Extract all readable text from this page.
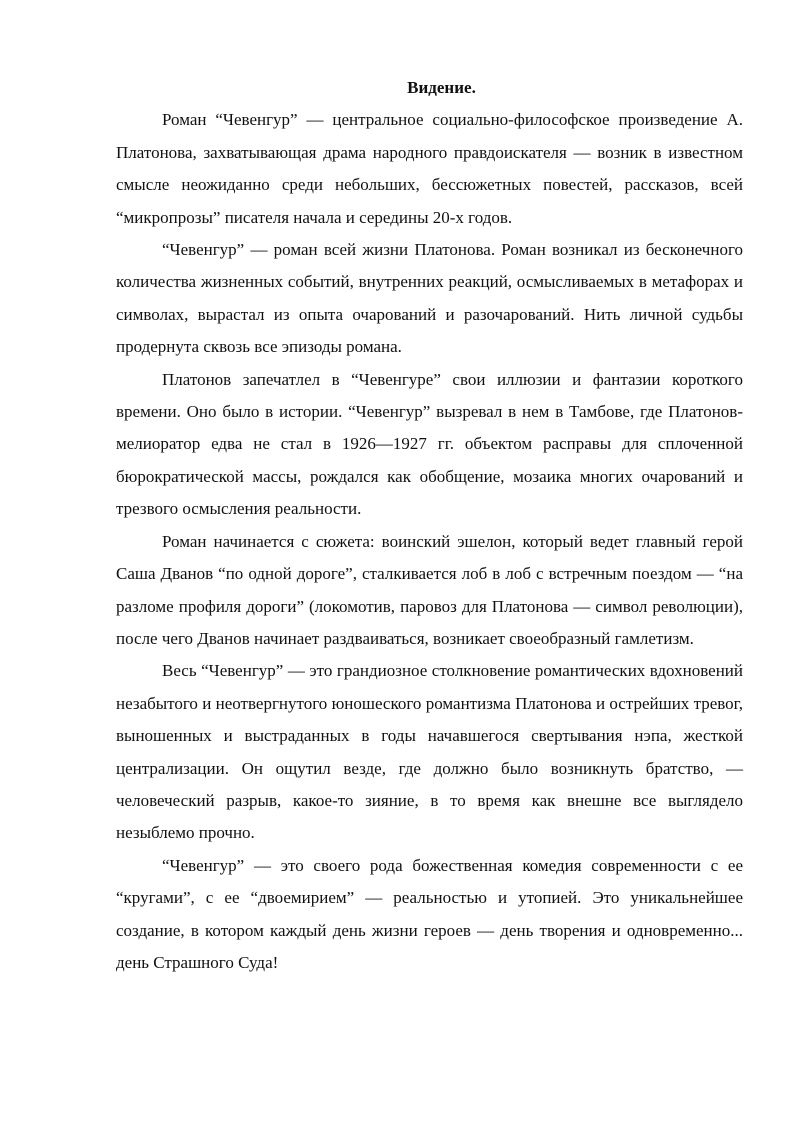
Видение.

Роман “Чевенгур” — центральное социально-философское произведение А. Платонова, захватывающая драма народного правдоискателя — возник в известном смысле неожиданно среди небольших, бессюжетных повестей, рассказов, всей “микропрозы” писателя начала и середины 20-х годов.

“Чевенгур” — роман всей жизни Платонова. Роман возникал из бесконечного количества жизненных событий, внутренних реакций, осмысливаемых в метафорах и символах, вырастал из опыта очарований и разочарований. Нить личной судьбы продернута сквозь все эпизоды романа.

Платонов запечатлел в “Чевенгуре” свои иллюзии и фантазии короткого времени. Оно было в истории. “Чевенгур” вызревал в нем в Тамбове, где Платонов-мелиоратор едва не стал в 1926—1927 гг. объектом расправы для сплоченной бюрократической массы, рождался как обобщение, мозаика многих очарований и трезвого осмысления реальности.

Роман начинается с сюжета: воинский эшелон, который ведет главный герой Саша Дванов “по одной дороге”, сталкивается лоб в лоб с встречным поездом — “на разломе профиля дороги” (локомотив, паровоз для Платонова — символ революции), после чего Дванов начинает раздваиваться, возникает своеобразный гамлетизм.

Весь “Чевенгур” — это грандиозное столкновение романтических вдохновений незабытого и неотвергнутого юношеского романтизма Платонова и острейших тревог, выношенных и выстраданных в годы начавшегося свертывания нэпа, жесткой централизации. Он ощутил везде, где должно было возникнуть братство, — человеческий разрыв, какое-то зияние, в то время как внешне все выглядело незыблемо прочно.

“Чевенгур” — это своего рода божественная комедия современности с ее “кругами”, с ее “двоемирием” — реальностью и утопией. Это уникальнейшее создание, в котором каждый день жизни героев — день творения и одновременно... день Страшного Суда!
